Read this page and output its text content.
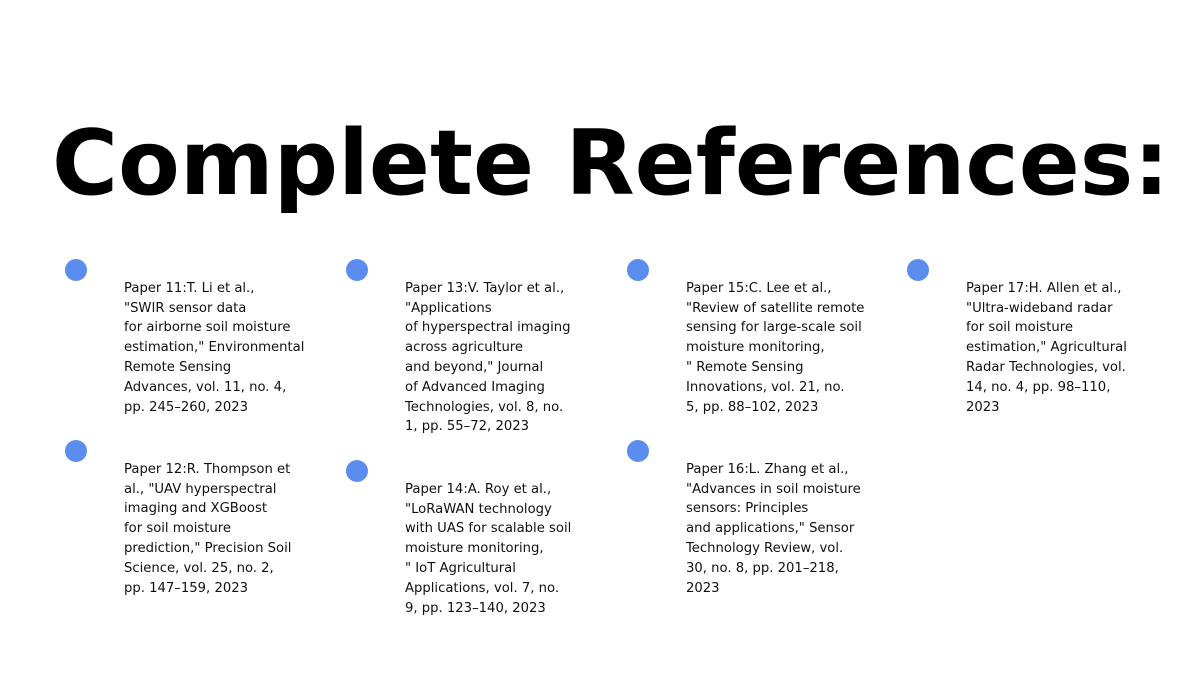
Complete References:

Paper 11:T. Li et al.,
"SWIR sensor data
for airborne soil moisture
estimation," Environmental
Remote Sensing
Advances, vol. 11, no. 4,
pp. 245–260, 2023

Paper 12:R. Thompson et
al., "UAV hyperspectral
imaging and XGBoost
for soil moisture
prediction," Precision Soil
Science, vol. 25, no. 2,
pp. 147–159, 2023

Paper 13:V. Taylor et al.,
"Applications
of hyperspectral imaging
across agriculture
and beyond," Journal
of Advanced Imaging
Technologies, vol. 8, no.
1, pp. 55–72, 2023

Paper 14:A. Roy et al.,
"LoRaWAN technology
with UAS for scalable soil
moisture monitoring,
" IoT Agricultural
Applications, vol. 7, no.
9, pp. 123–140, 2023

Paper 15:C. Lee et al.,
"Review of satellite remote
sensing for large-scale soil
moisture monitoring,
" Remote Sensing
Innovations, vol. 21, no.
5, pp. 88–102, 2023

Paper 16:L. Zhang et al.,
"Advances in soil moisture
sensors: Principles
and applications," Sensor
Technology Review, vol.
30, no. 8, pp. 201–218,
2023

Paper 17:H. Allen et al.,
"Ultra-wideband radar
for soil moisture
estimation," Agricultural
Radar Technologies, vol.
14, no. 4, pp. 98–110,
2023
